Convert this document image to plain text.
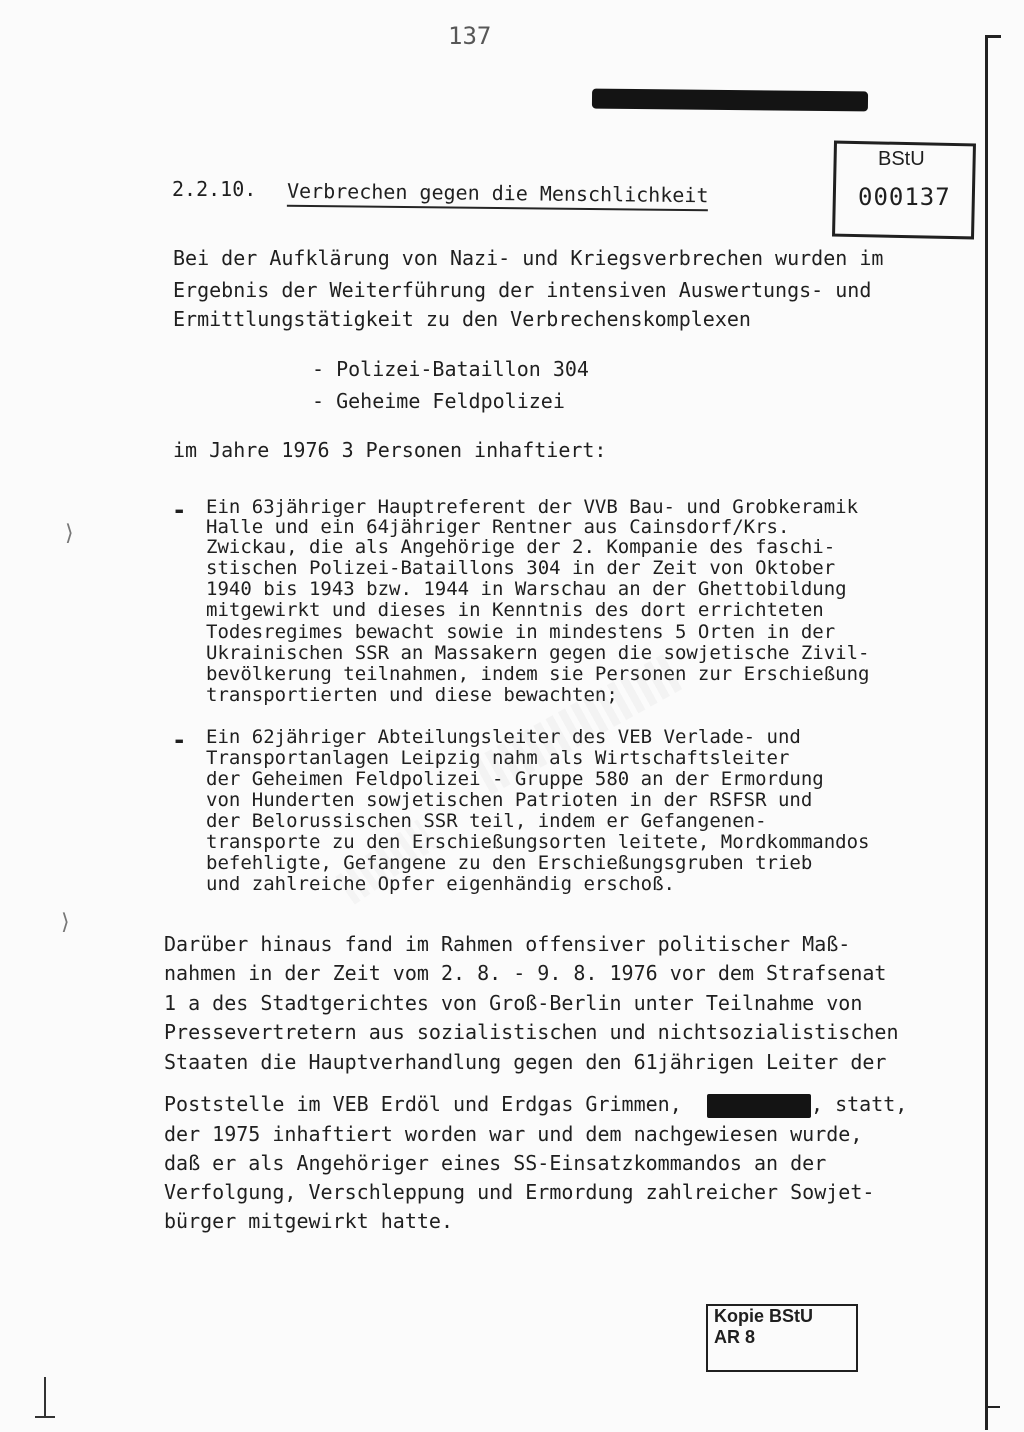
137
BStU
000137
2.2.10. Verbrechen gegen die Menschlichkeit
Bei der Aufklärung von Nazi- und Kriegsverbrechen wurden im
Ergebnis der Weiterführung der intensiven Auswertungs- und
Ermittlungstätigkeit zu den Verbrechenskomplexen
- Polizei-Bataillon 304
- Geheime Feldpolizei
im Jahre 1976 3 Personen inhaftiert:
- Ein 63jähriger Hauptreferent der VVB Bau- und Grobkeramik
Halle und ein 64jähriger Rentner aus Cainsdorf/Krs.
Zwickau, die als Angehörige der 2. Kompanie des faschi-
stischen Polizei-Bataillons 304 in der Zeit von Oktober
1940 bis 1943 bzw. 1944 in Warschau an der Ghettobildung
mitgewirkt und dieses in Kenntnis des dort errichteten
Todesregimes bewacht sowie in mindestens 5 Orten in der
Ukrainischen SSR an Massakern gegen die sowjetische Zivil-
bevölkerung teilnahmen, indem sie Personen zur Erschießung
transportierten und diese bewachten;
- Ein 62jähriger Abteilungsleiter des VEB Verlade- und
Transportanlagen Leipzig nahm als Wirtschaftsleiter
der Geheimen Feldpolizei - Gruppe 580 an der Ermordung
von Hunderten sowjetischen Patrioten in der RSFSR und
der Belorussischen SSR teil, indem er Gefangenen-
transporte zu den Erschießungsorten leitete, Mordkommandos
befehligte, Gefangene zu den Erschießungsgruben trieb
und zahlreiche Opfer eigenhändig erschoß.
Darüber hinaus fand im Rahmen offensiver politischer Maß-
nahmen in der Zeit vom 2. 8. - 9. 8. 1976 vor dem Strafsenat
1 a des Stadtgerichtes von Groß-Berlin unter Teilnahme von
Pressevertretern aus sozialistischen und nichtsozialistischen
Staaten die Hauptverhandlung gegen den 61jährigen Leiter der
Poststelle im VEB Erdöl und Erdgas Grimmen,	, statt,
der 1975 inhaftiert worden war und dem nachgewiesen wurde,
daß er als Angehöriger eines SS-Einsatzkommandos an der
Verfolgung, Verschleppung und Ermordung zahlreicher Sowjet-
bürger mitgewirkt hatte.
Kopie BStU
AR 8
⟩
⟩
